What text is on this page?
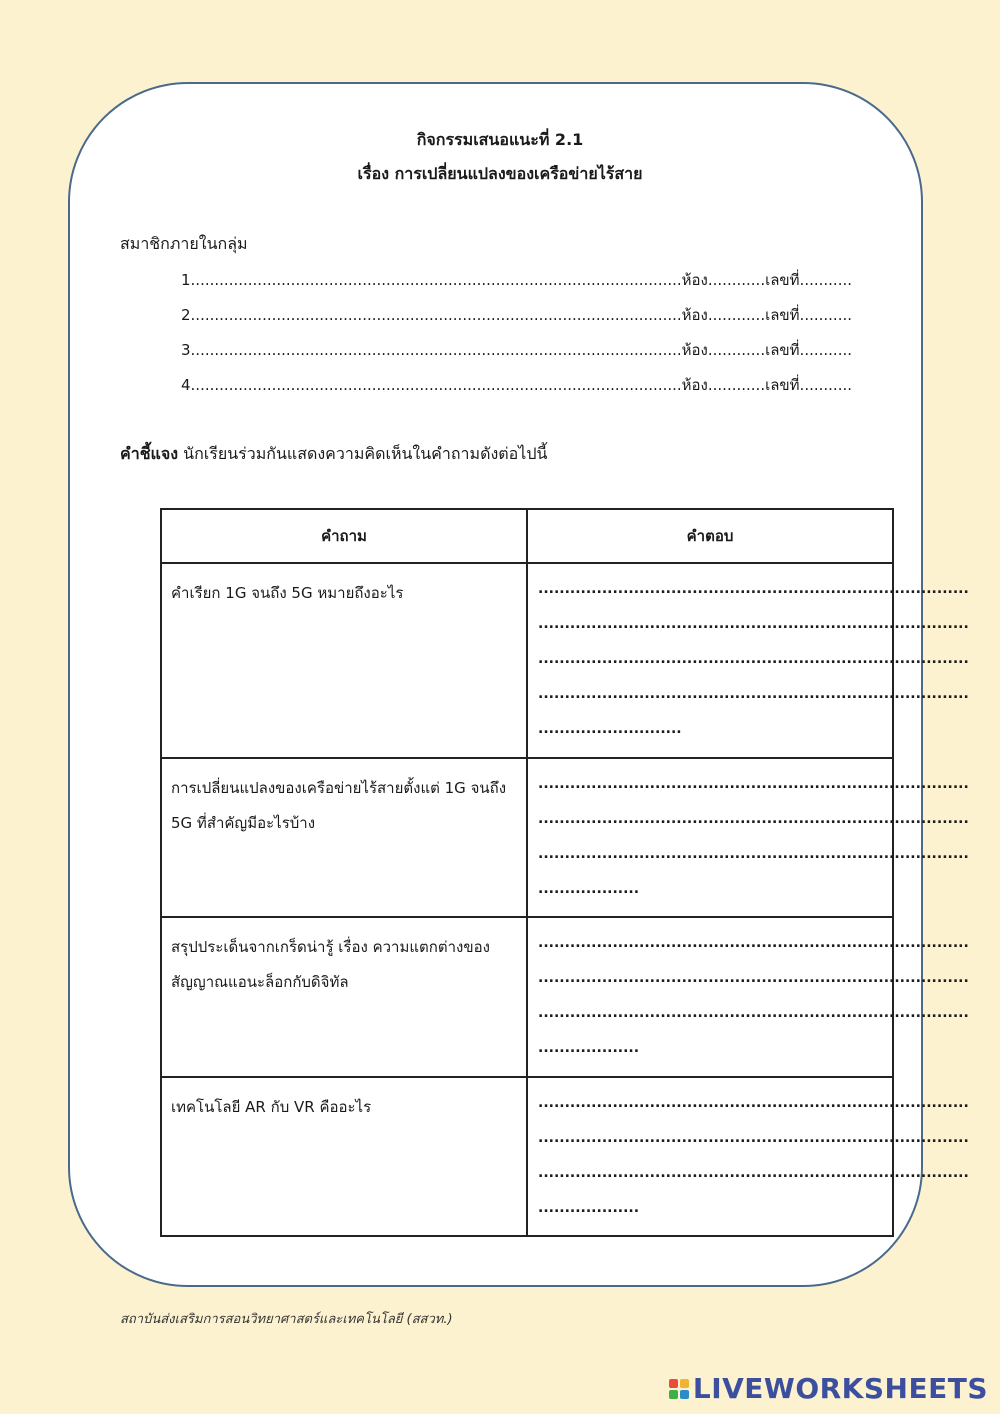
กิจกรรมเสนอแนะที่ 2.1
เรื่อง การเปลี่ยนแปลงของเครือข่ายไร้สาย
สมาชิกภายในกลุ่ม
1.......................................................................................................ห้อง............เลขที่...........
2.......................................................................................................ห้อง............เลขที่...........
3.......................................................................................................ห้อง............เลขที่...........
4.......................................................................................................ห้อง............เลขที่...........
คำชี้แจง นักเรียนร่วมกันแสดงความคิดเห็นในคำถามดังต่อไปนี้
คำถาม	คำตอบ
คำเรียก 1G จนถึง 5G หมายถึงอะไร	.................................................................................
.................................................................................
.................................................................................
.................................................................................
...........................

การเปลี่ยนแปลงของเครือข่ายไร้สายตั้งแต่ 1G จนถึง 5G ที่สำคัญมีอะไรบ้าง	.................................................................................
.................................................................................
.................................................................................
...................

สรุปประเด็นจากเกร็ดน่ารู้ เรื่อง ความแตกต่างของสัญญาณแอนะล็อกกับดิจิทัล	.................................................................................
.................................................................................
.................................................................................
...................

เทคโนโลยี AR กับ VR คืออะไร	.................................................................................
.................................................................................
.................................................................................
...................
สถาบันส่งเสริมการสอนวิทยาศาสตร์และเทคโนโลยี (สสวท.)
LIVEWORKSHEETS
